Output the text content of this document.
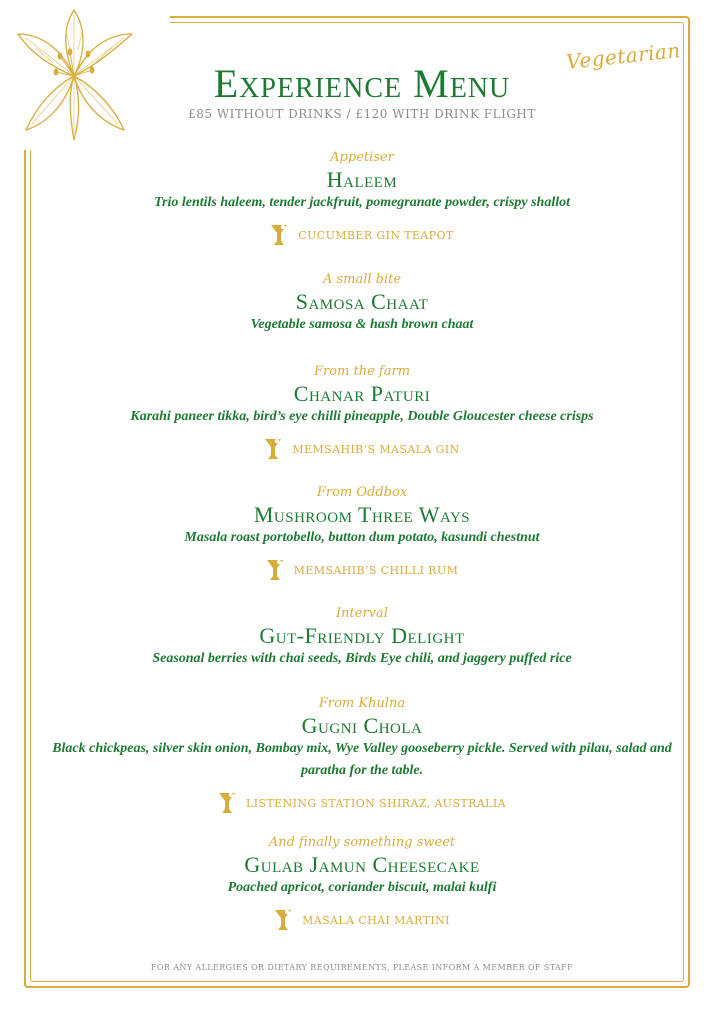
Vegetarian
Experience Menu
£85 WITHOUT DRINKS / £120 WITH DRINK FLIGHT
Appetiser
Haleem
Trio lentils haleem, tender jackfruit, pomegranate powder, crispy shallot
CUCUMBER GIN TEAPOT
A small bite
Samosa Chaat
Vegetable samosa & hash brown chaat
From the farm
Chanar Paturi
Karahi paneer tikka, bird’s eye chilli pineapple, Double Gloucester cheese crisps
MEMSAHIB’S MASALA GIN
From Oddbox
Mushroom Three Ways
Masala roast portobello, button dum potato, kasundi chestnut
MEMSAHIB’S CHILLI RUM
Interval
Gut-Friendly Delight
Seasonal berries with chai seeds, Birds Eye chili, and jaggery puffed rice
From Khulna
Gugni Chola
Black chickpeas, silver skin onion, Bombay mix, Wye Valley gooseberry pickle. Served with pilau, salad and paratha for the table.
LISTENING STATION SHIRAZ, AUSTRALIA
And finally something sweet
Gulab Jamun Cheesecake
Poached apricot, coriander biscuit, malai kulfi
MASALA CHAI MARTINI
FOR ANY ALLERGIES OR DIETARY REQUIREMENTS, PLEASE INFORM A MEMBER OF STAFF
